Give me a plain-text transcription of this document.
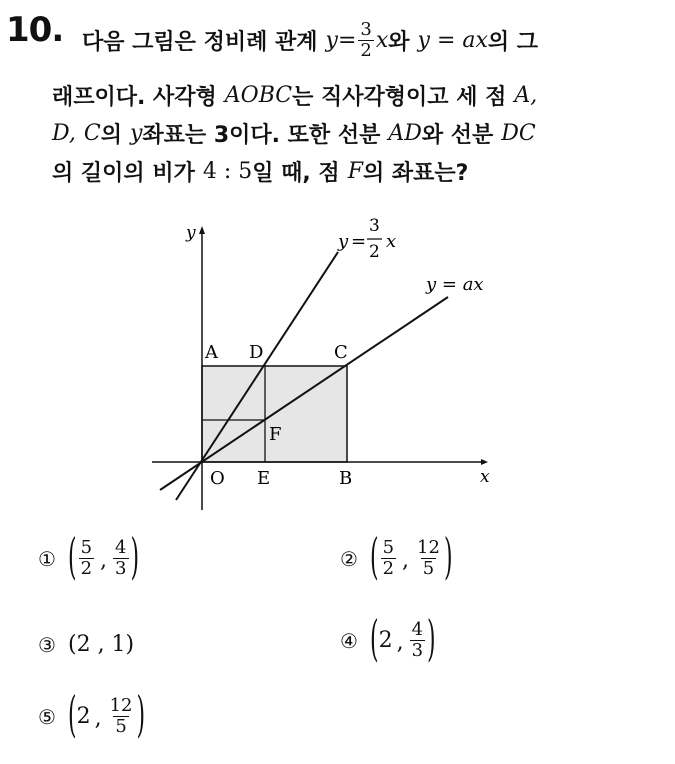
10. 다음 그림은 정비례 관계 $y = \frac{3}{2}$ x 와 y = ax 의 그
래프이다. 사각형 AOBC 는 직사각형이고 세 점 A,
D, C 의 y 좌표는 3이다. 또한 선분 AD 와 선분 DC
의 길이의 비가 4 : 5 일 때, 점 F 의 좌표는?
y
x
y =
3
2 x
y = ax
A D	C
F
O E	B
① ( $\frac{5}{2}$ , $\frac{4}{3}$ )	② ( $\frac{5}{2}$ , $\frac{12}{5}$ )
③ (2 , 1)	④ ( 2 , $\frac{4}{3}$ )
⑤ ( 2 , $\frac{12}{5}$ )
